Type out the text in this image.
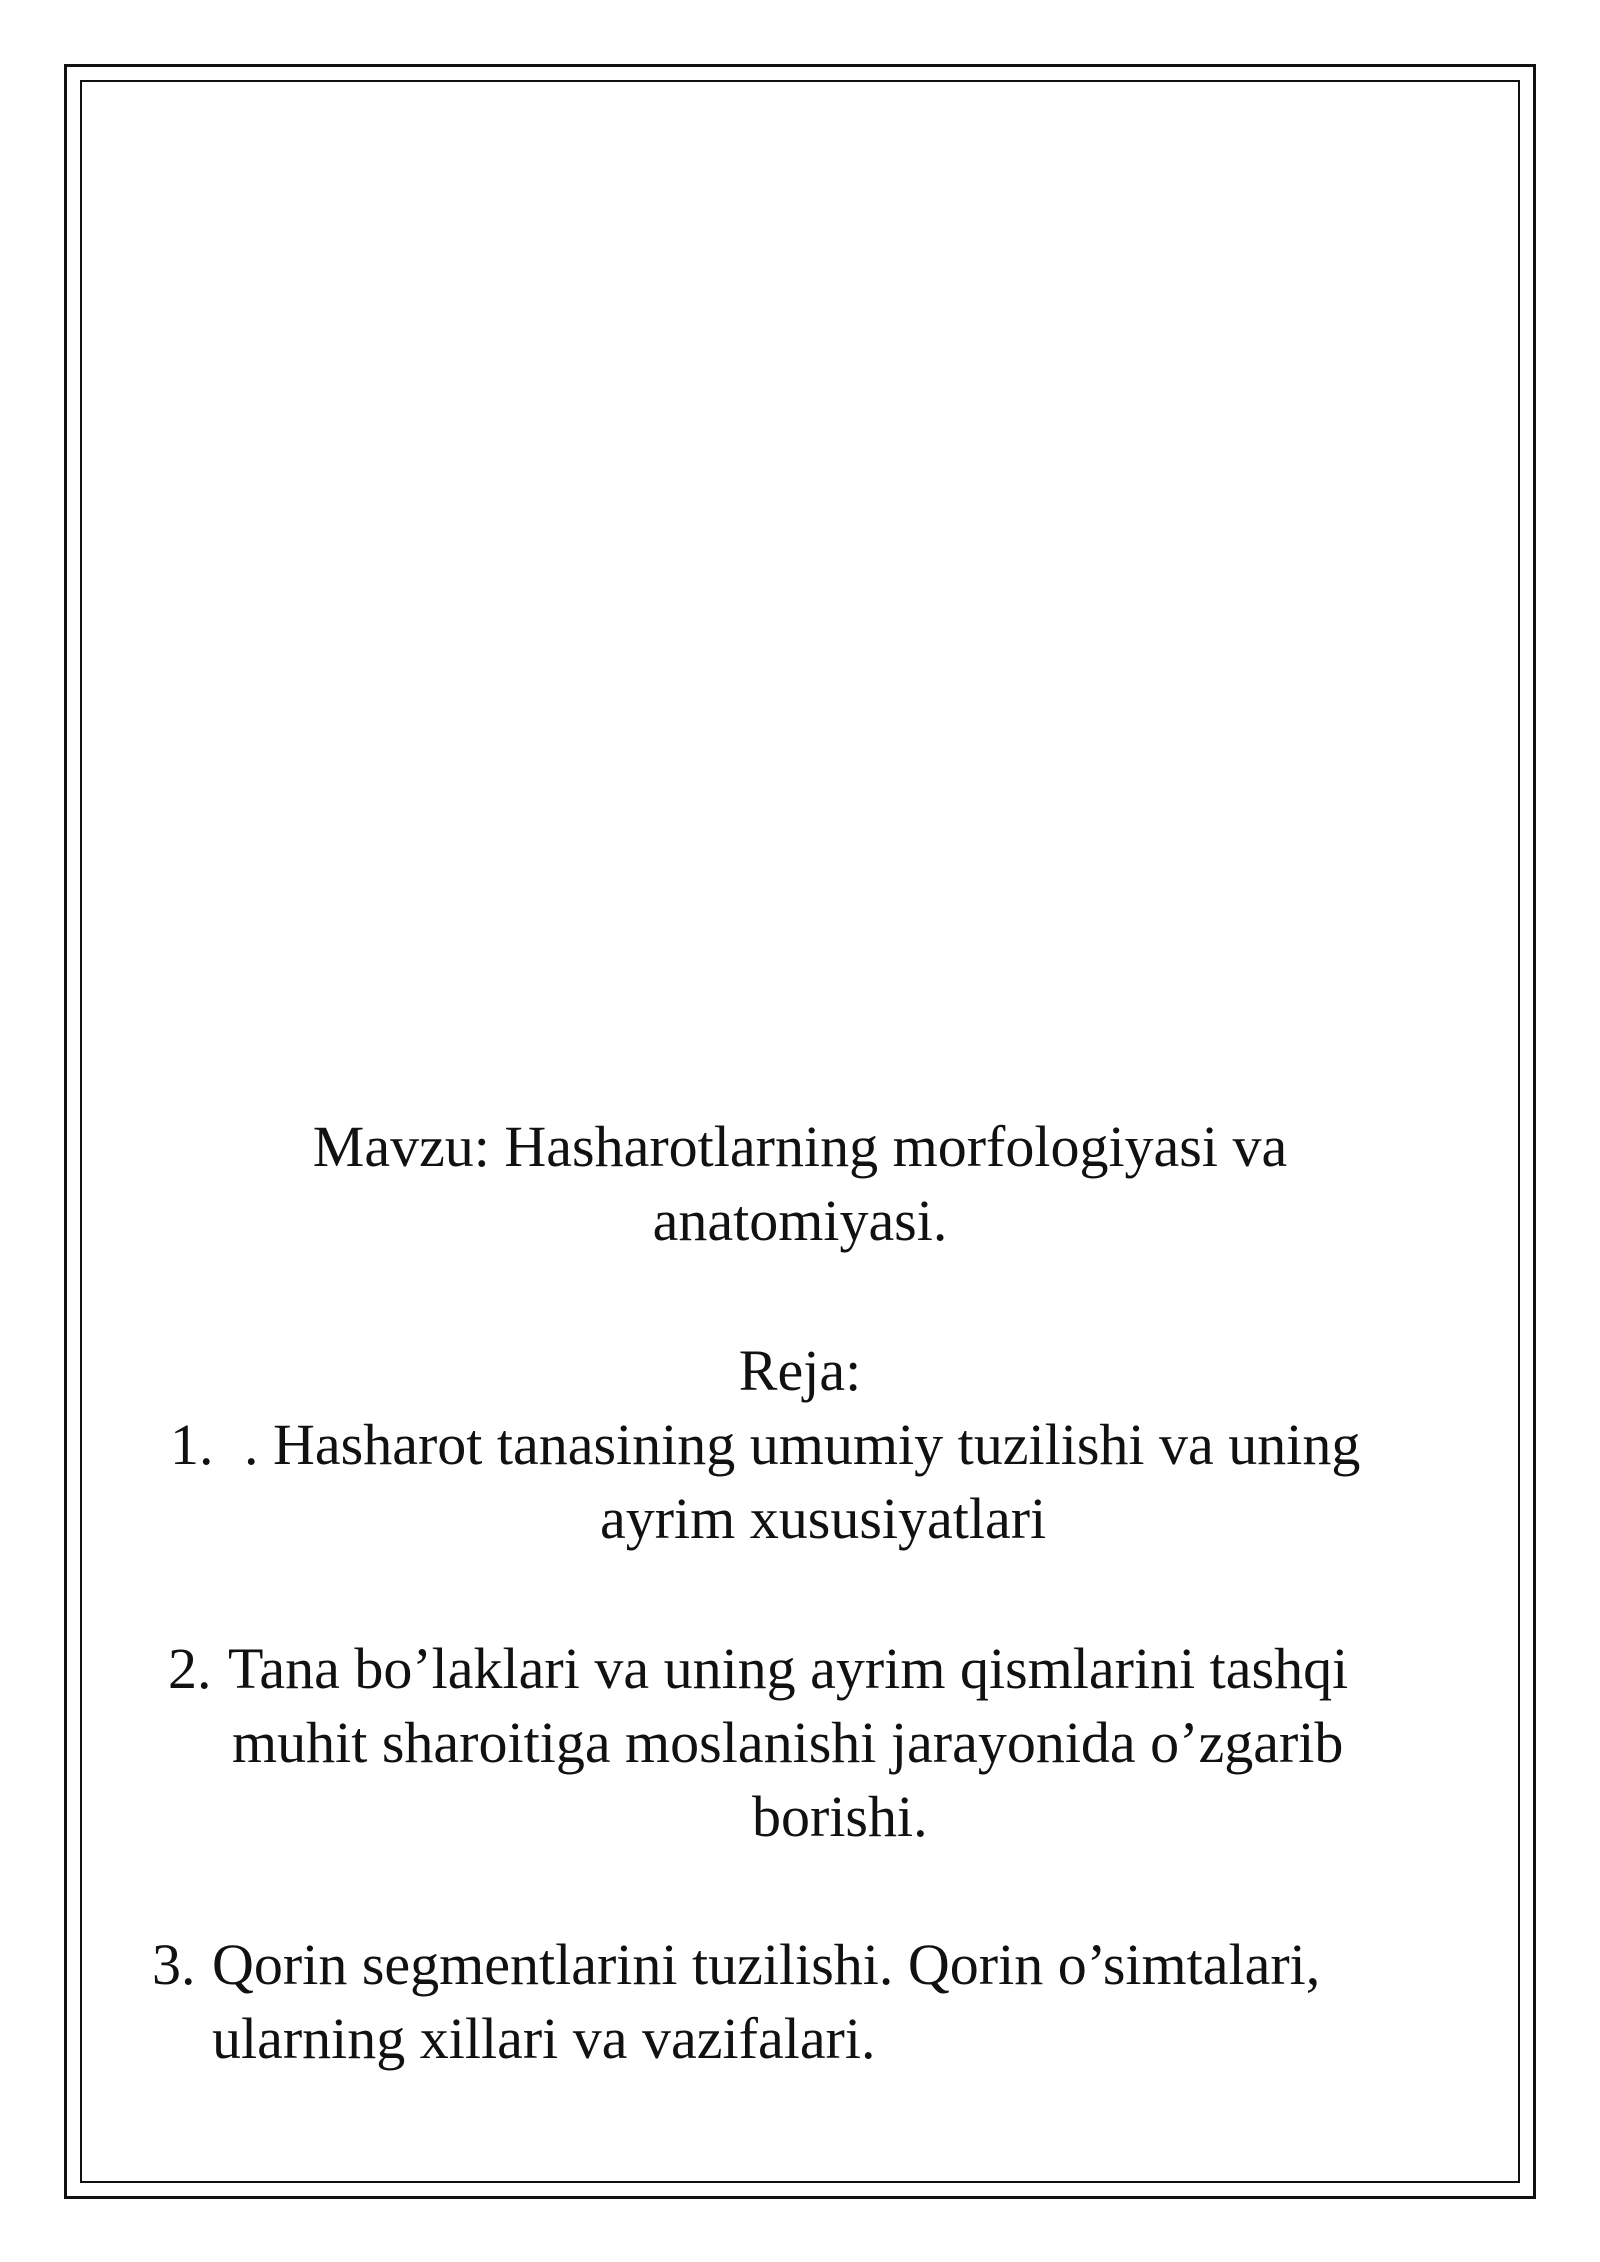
Mavzu: Hasharotlarning morfologiyasi va
anatomiyasi.
Reja:
1. . Hasharot tanasining umumiy tuzilishi va uning
ayrim xususiyatlari
2. Tana bo’laklari va uning ayrim qismlarini tashqi
muhit sharoitiga moslanishi jarayonida o’zgarib
borishi.
3. Qorin segmentlarini tuzilishi. Qorin o’simtalari,
ularning xillari va vazifalari.
